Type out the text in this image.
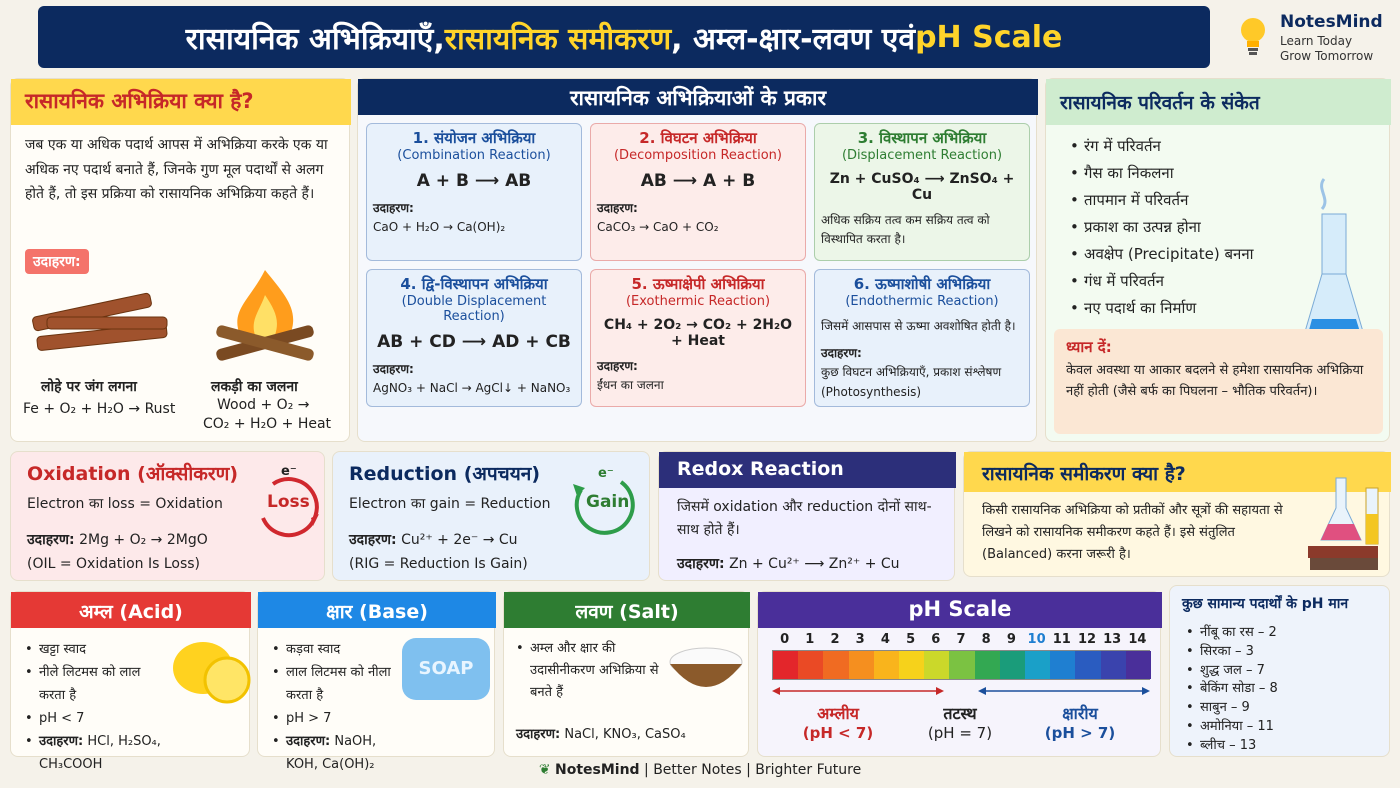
रासायनिक अभिक्रियाएँ, रासायनिक समीकरण , अम्ल-क्षार-लवण एवं pH Scale	NotesMind
Learn Today
Grow Tomorrow
रासायनिक अभिक्रिया क्या है?
जब एक या अधिक पदार्थ आपस में अभिक्रिया करके एक या अधिक नए पदार्थ बनाते हैं, जिनके गुण मूल पदार्थों से अलग होते हैं, तो इस प्रक्रिया को रासायनिक अभिक्रिया कहते हैं।
उदाहरण:
लोहे पर जंग लगना
Fe + O₂ + H₂O → Rust
लकड़ी का जलना
Wood + O₂ →
CO₂ + H₂O + Heat
रासायनिक अभिक्रियाओं के प्रकार
1. संयोजन अभिक्रिया
(Combination Reaction)
A + B ⟶ AB
उदाहरण:
CaO + H₂O → Ca(OH)₂
2. विघटन अभिक्रिया
(Decomposition Reaction)
AB ⟶ A + B
उदाहरण:
CaCO₃ → CaO + CO₂
3. विस्थापन अभिक्रिया
(Displacement Reaction)
Zn + CuSO₄ ⟶ ZnSO₄ + Cu
अधिक सक्रिय तत्व कम सक्रिय तत्व को विस्थापित करता है।
4. द्वि-विस्थापन अभिक्रिया
(Double Displacement Reaction)
AB + CD ⟶ AD + CB
उदाहरण:
AgNO₃ + NaCl → AgCl↓ + NaNO₃
5. ऊष्माक्षेपी अभिक्रिया
(Exothermic Reaction)
CH₄ + 2O₂ → CO₂ + 2H₂O + Heat
उदाहरण:
ईंधन का जलना
6. ऊष्माशोषी अभिक्रिया
(Endothermic Reaction)
जिसमें आसपास से ऊष्मा अवशोषित होती है।
उदाहरण:
कुछ विघटन अभिक्रियाएँ, प्रकाश संश्लेषण (Photosynthesis)
रासायनिक परिवर्तन के संकेत
• रंग में परिवर्तन
• गैस का निकलना
• तापमान में परिवर्तन
• प्रकाश का उत्पन्न होना
• अवक्षेप (Precipitate) बनना
• गंध में परिवर्तन
• नए पदार्थ का निर्माण
ध्यान दें:
केवल अवस्था या आकार बदलने से हमेशा रासायनिक अभिक्रिया नहीं होती (जैसे बर्फ का पिघलना – भौतिक परिवर्तन)।
Oxidation (ऑक्सीकरण)
Electron का loss = Oxidation
उदाहरण: 2Mg + O₂ → 2MgO
(OIL = Oxidation Is Loss)
e⁻
Loss
Reduction (अपचयन)
Electron का gain = Reduction
उदाहरण: Cu²⁺ + 2e⁻ → Cu
(RIG = Reduction Is Gain)
e⁻
Gain
Redox Reaction
जिसमें oxidation और reduction दोनों साथ-साथ होते हैं।
उदाहरण: Zn + Cu²⁺ ⟶ Zn²⁺ + Cu
रासायनिक समीकरण क्या है?
किसी रासायनिक अभिक्रिया को प्रतीकों और सूत्रों की सहायता से लिखने को रासायनिक समीकरण कहते हैं। इसे संतुलित (Balanced) करना जरूरी है।
अम्ल (Acid)
• खट्टा स्वाद
• नीले लिटमस को लाल करता है
• pH < 7
• उदाहरण: HCl, H₂SO₄, CH₃COOH
क्षार (Base)
• कड़वा स्वाद
• लाल लिटमस को नीला करता है
• pH > 7
• उदाहरण: NaOH, KOH, Ca(OH)₂
SOAP
लवण (Salt)
• अम्ल और क्षार की उदासीनीकरण अभिक्रिया से बनते हैं
उदाहरण: NaCl, KNO₃, CaSO₄
pH Scale
0	1	2	3	4	5	6	7	8	9 10 11 12 13 14
अम्लीय
(pH < 7)
तटस्थ
(pH = 7)
क्षारीय
(pH > 7)
कुछ सामान्य पदार्थों के pH मान
• नींबू का रस – 2
• सिरका – 3
• शुद्ध जल – 7
• बेकिंग सोडा – 8
• साबुन – 9
• अमोनिया – 11
• ब्लीच – 13
❦ NotesMind | Better Notes | Brighter Future
